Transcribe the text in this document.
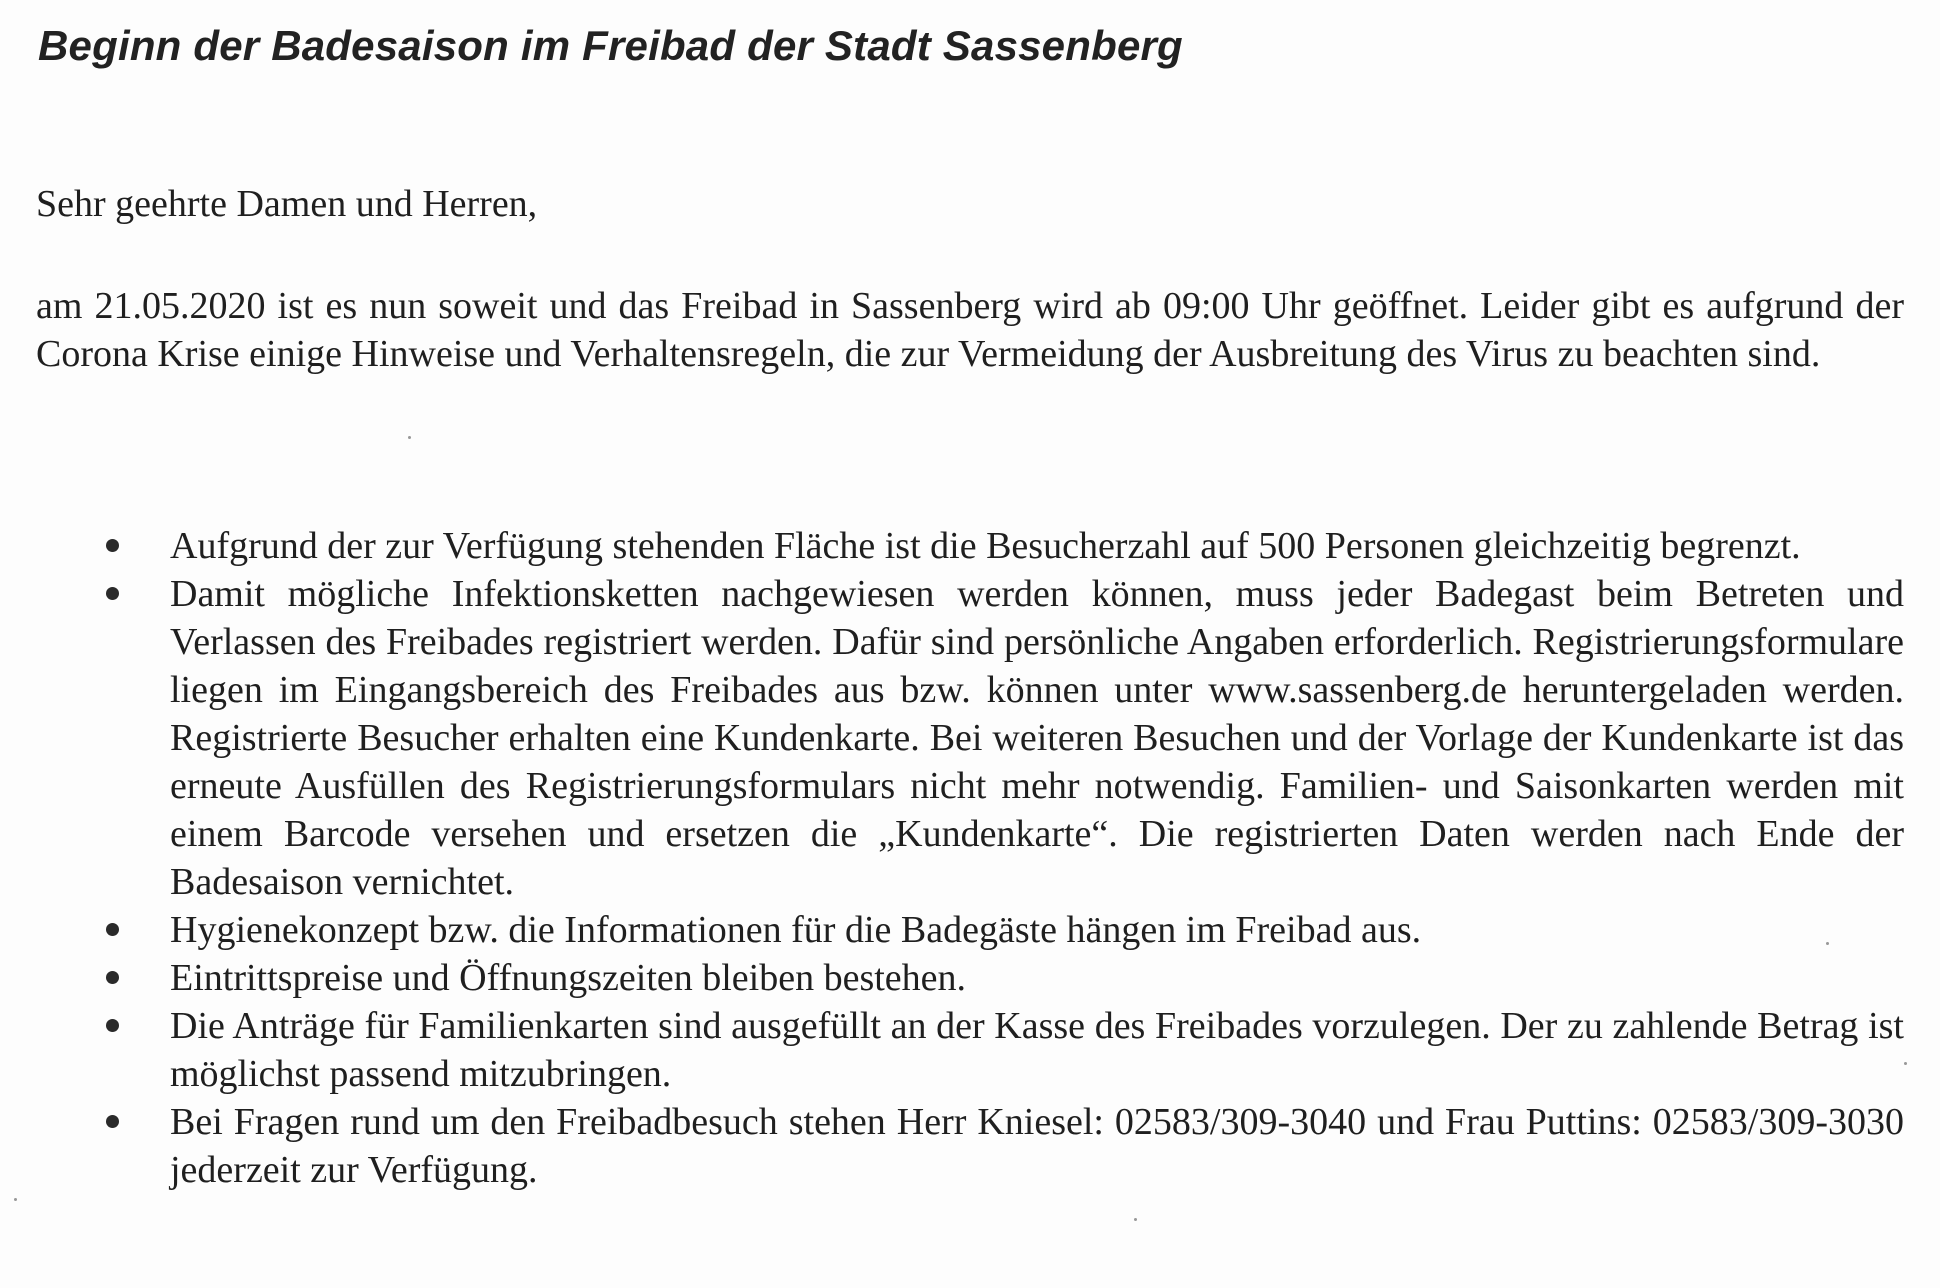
Beginn der Badesaison im Freibad der Stadt Sassenberg
Sehr geehrte Damen und Herren,

am 21.05.2020 ist es nun soweit und das Freibad in Sassenberg wird ab 09:00 Uhr geöffnet. Leider gibt es aufgrund der Corona Krise einige Hinweise und Verhaltensregeln, die zur Vermeidung der Ausbreitung des Virus zu beachten sind.

Aufgrund der zur Verfügung stehenden Fläche ist die Besucherzahl auf 500 Personen gleichzeitig begrenzt.
Damit mögliche Infektionsketten nachgewiesen werden können, muss jeder Badegast beim Betreten und Verlassen des Freibades registriert werden. Dafür sind persönliche Angaben erforderlich. Registrierungsformulare liegen im Eingangsbereich des Freibades aus bzw. können unter www.sassenberg.de heruntergeladen werden. Registrierte Besucher erhalten eine Kundenkarte. Bei weiteren Besuchen und der Vorlage der Kundenkarte ist das erneute Ausfüllen des Registrierungsformulars nicht mehr notwendig. Familien- und Saisonkarten werden mit einem Barcode versehen und ersetzen die „Kundenkarte“. Die registrierten Daten werden nach Ende der Badesaison vernichtet.
Hygienekonzept bzw. die Informationen für die Badegäste hängen im Freibad aus.
Eintrittspreise und Öffnungszeiten bleiben bestehen.
Die Anträge für Familienkarten sind ausgefüllt an der Kasse des Freibades vorzulegen. Der zu zahlende Betrag ist möglichst passend mitzubringen.
Bei Fragen rund um den Freibadbesuch stehen Herr Kniesel: 02583/309-3040 und Frau Puttins: 02583/309-3030 jederzeit zur Verfügung.
